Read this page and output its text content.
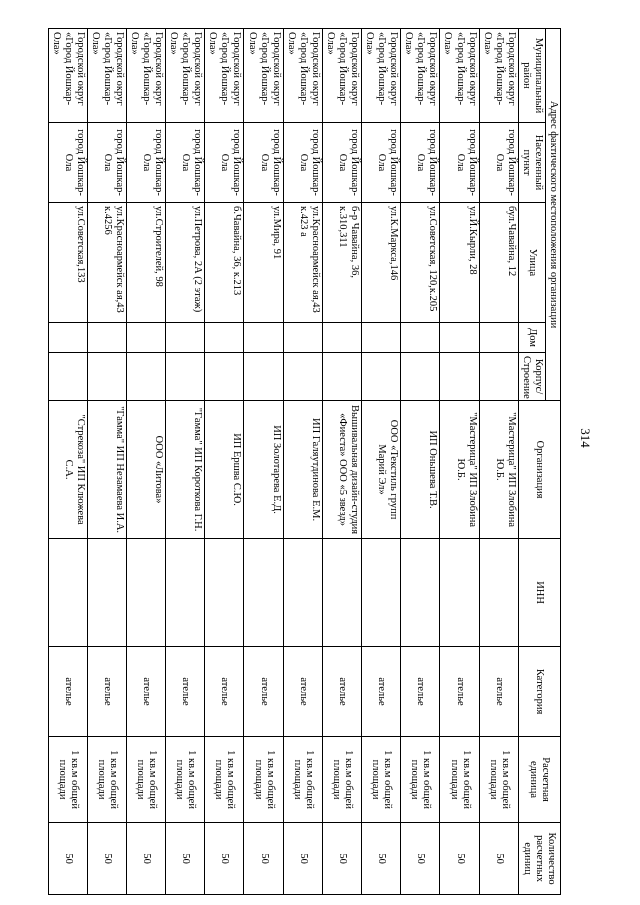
314
Адрес фактического местоположения организации					Организация	ИНН	Категория	Расчетная единица	Количество расчетных единиц
Муниципальный район	Населенный пункт	Улица	Дом	Корпус/ Строение					
Городской округ «Город Йошкар-Ола»	город Йошкар-Ола	бул.Чавайна, 12			"Мастерица" ИП Злобина Ю.Б.		ателье	1 кв.м общей площади	50
Городской округ «Город Йошкар-Ола»	город Йошкар-Ола	ул.Й.Кырли, 28			"Мастерица" ИП Злобина Ю.Б.		ателье	1 кв.м общей площади	50
Городской округ «Город Йошкар-Ола»	город Йошкар-Ола	ул.Советская, 120,к.205			ИП Оньшева Т.В.		ателье	1 кв.м общей площади	50
Городской округ «Город Йошкар-Ола»	город Йошкар-Ола	ул.К.Маркса,146			ООО «Текстиль групп Марий Эл»		ателье	1 кв.м общей площади	50
Городской округ «Город Йошкар-Ола»	город Йошкар-Ола	б-р Чавайна, 36, к.310,311			Вышивальная дизайн-студия «Фиеста» ООО «5 звезд»		ателье	1 кв.м общей площади	50
Городской округ «Город Йошкар-Ола»	город Йошкар-Ола	ул.Красноармейск ая,43 к.423 а			ИП Галяутдинова Е.М.		ателье	1 кв.м общей площади	50
Городской округ «Город Йошкар-Ола»	город Йошкар-Ола	ул.Мира, 91			ИП Золотарева Е.Д.		ателье	1 кв.м общей площади	50
Городской округ «Город Йошкар-Ола»	город Йошкар-Ола	б.Чавайна, 36, к.213			ИП Ершва С.Ю.		ателье	1 кв.м общей площади	50
Городской округ «Город Йошкар-Ола»	город Йошкар-Ола	ул.Петрова, 2А (2 этаж)			"Гамма" ИП Короткова Г.Н.		ателье	1 кв.м общей площади	50
Городской округ «Город Йошкар-Ола»	город Йошкар-Ола	ул.Строителей, 98			ООО «Литова»		ателье	1 кв.м общей площади	50
Городской округ «Город Йошкар-Ола»	город Йошкар-Ола	ул.Красноармейск ая,43 к.4256			"Гамма" ИП Незамаева И.А.		ателье	1 кв.м общей площади	50
Городской округ «Город Йошкар-Ола»	город Йошкар-Ола	ул.Советская,133			"Стрекоза" ИП Клюжева С.А.		ателье	1 кв.м общей площади	50
